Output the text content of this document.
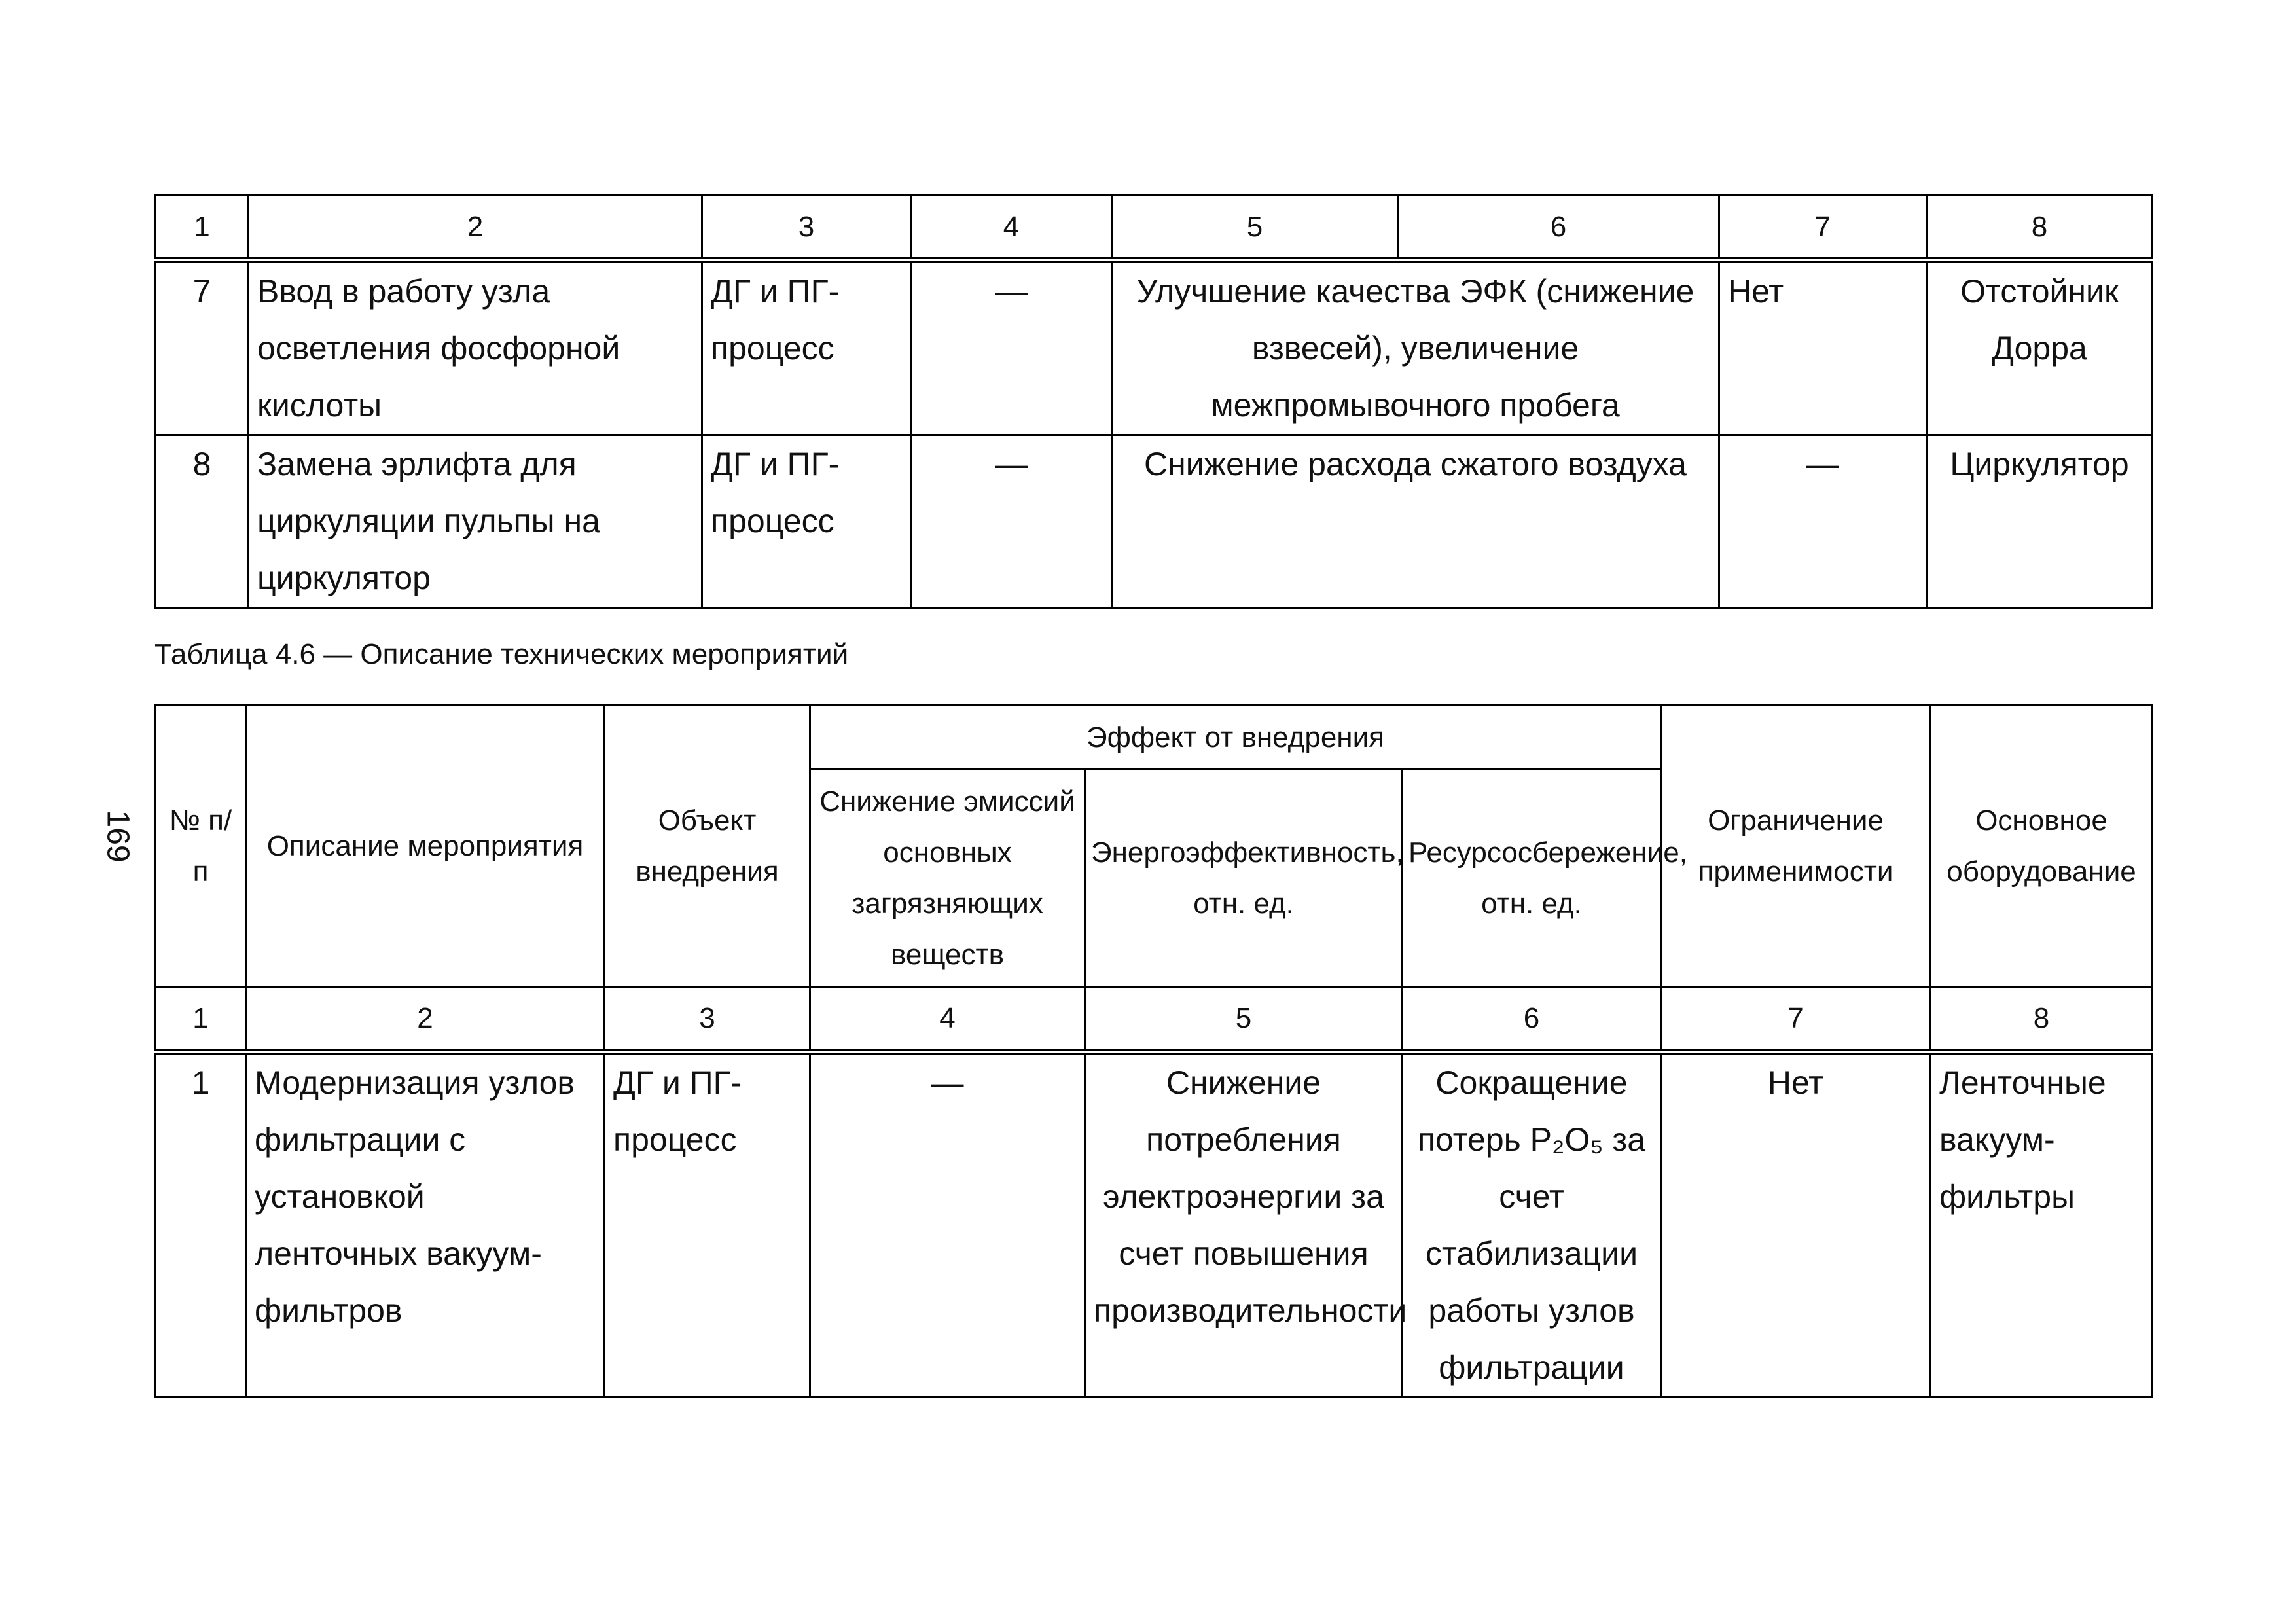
169
1	2	3	4	5	6	7	8
7	Ввод в работу узла осветления фосфорной кислоты	ДГ и ПГ-процесс	—	Улучшение качества ЭФК (снижение взвесей), увеличение межпромывочного пробега		Нет	Отстойник Дорра
8	Замена эрлифта для циркуляции пульпы на циркулятор	ДГ и ПГ-процесс	—	Снижение расхода сжатого воздуха		—	Циркулятор
Таблица 4.6 — Описание технических мероприятий
№ п/п	Описание мероприятия	Объект внедрения	Эффект от внедрения			Ограничение применимости	Основное оборудование
			Снижение эмиссий основных загрязняющих веществ	Энергоэффективность, отн. ед.	Ресурсосбережение, отн. ед.		
1	2	3	4	5	6	7	8
1	Модернизация узлов фильтрации с установкой ленточных вакуум-фильтров	ДГ и ПГ-процесс	—	Снижение потребления электроэнергии за счет повышения производительности	Сокращение потерь P₂O₅ за счет стабилизации работы узлов фильтрации	Нет	Ленточные вакуум-фильтры
